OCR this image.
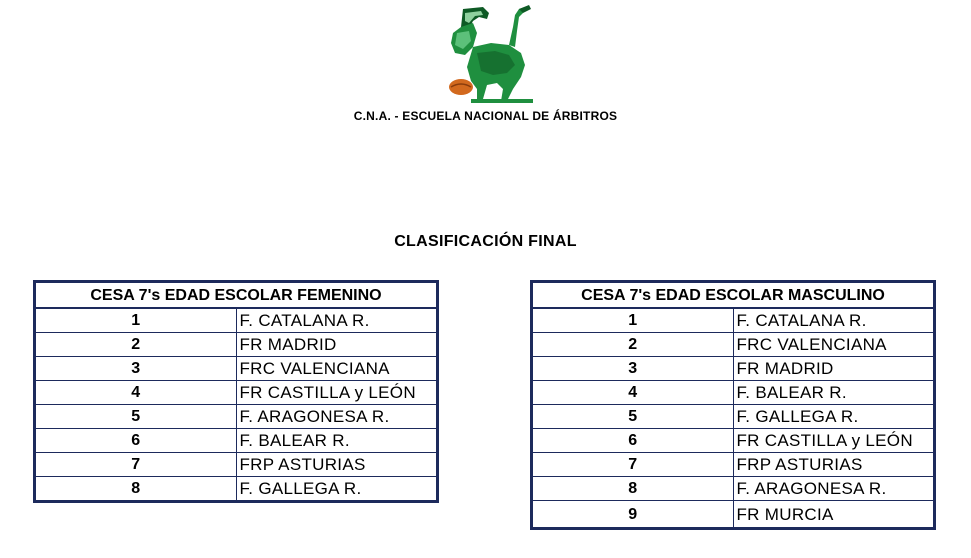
C.N.A. - ESCUELA NACIONAL DE ÁRBITROS
CLASIFICACIÓN FINAL
CESA 7's EDAD ESCOLAR FEMENINO	
1	F. CATALANA R.
2	FR MADRID
3	FRC VALENCIANA
4	FR CASTILLA y LEÓN
5	F. ARAGONESA R.
6	F. BALEAR R.
7	FRP ASTURIAS
8	F. GALLEGA R.
CESA 7's EDAD ESCOLAR MASCULINO	
1	F. CATALANA R.
2	FRC VALENCIANA
3	FR MADRID
4	F. BALEAR R.
5	F. GALLEGA R.
6	FR CASTILLA y LEÓN
7	FRP ASTURIAS
8	F. ARAGONESA R.
9	FR MURCIA
